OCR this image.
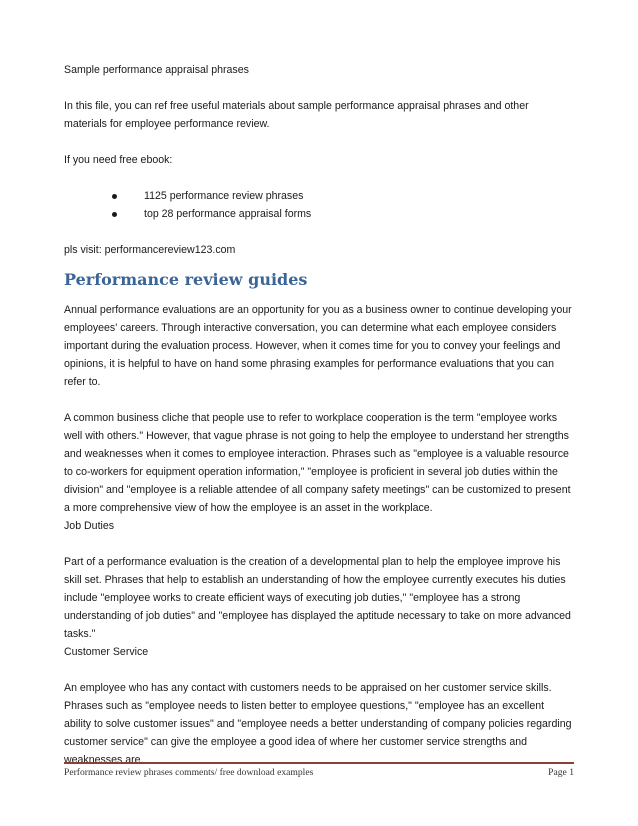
Sample performance appraisal phrases

In this file, you can ref free useful materials about sample performance appraisal phrases and other materials for employee performance review.

If you need free ebook:

1125 performance review phrases
top 28 performance appraisal forms

pls visit: performancereview123.com

Performance review guides

Annual performance evaluations are an opportunity for you as a business owner to continue developing your employees' careers. Through interactive conversation, you can determine what each employee considers important during the evaluation process. However, when it comes time for you to convey your feelings and opinions, it is helpful to have on hand some phrasing examples for performance evaluations that you can refer to.

A common business cliche that people use to refer to workplace cooperation is the term "employee works well with others." However, that vague phrase is not going to help the employee to understand her strengths and weaknesses when it comes to employee interaction. Phrases such as "employee is a valuable resource to co-workers for equipment operation information," "employee is proficient in several job duties within the division" and "employee is a reliable attendee of all company safety meetings" can be customized to present a more comprehensive view of how the employee is an asset in the workplace.

Job Duties

Part of a performance evaluation is the creation of a developmental plan to help the employee improve his skill set. Phrases that help to establish an understanding of how the employee currently executes his duties include "employee works to create efficient ways of executing job duties," "employee has a strong understanding of job duties" and "employee has displayed the aptitude necessary to take on more advanced tasks."

Customer Service

An employee who has any contact with customers needs to be appraised on her customer service skills. Phrases such as "employee needs to listen better to employee questions," "employee has an excellent ability to solve customer issues" and "employee needs a better understanding of company policies regarding customer service" can give the employee a good idea of where her customer service strengths and weaknesses are.

Performance review phrases comments/ free download examples	Page 1
